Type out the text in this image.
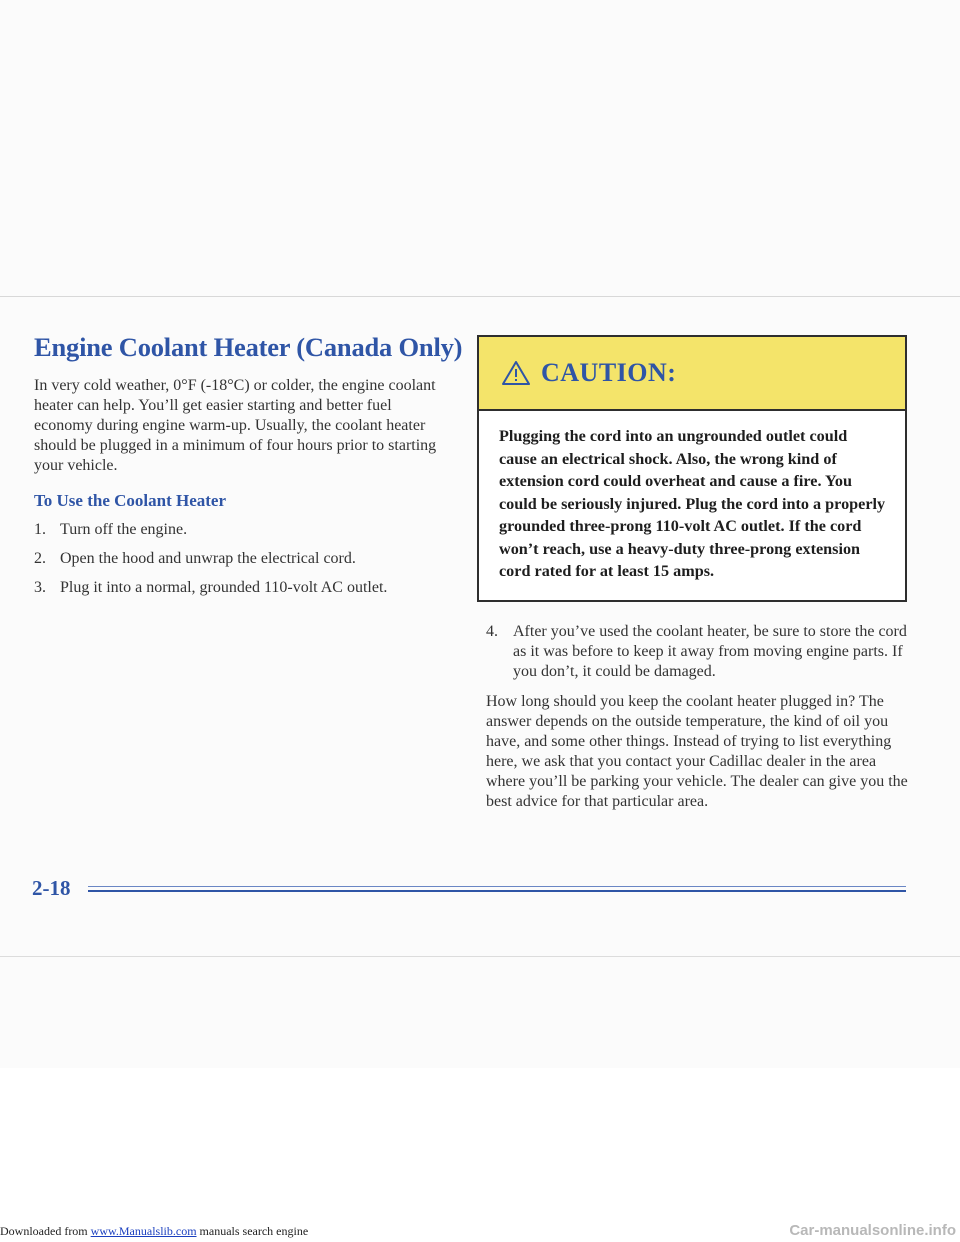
Engine Coolant Heater (Canada Only)

In very cold weather, 0°F (-18°C) or colder, the engine coolant heater can help. You’ll get easier starting and better fuel economy during engine warm-up. Usually, the coolant heater should be plugged in a minimum of four hours prior to starting your vehicle.

To Use the Coolant Heater
1. Turn off the engine.
2. Open the hood and unwrap the electrical cord.
3. Plug it into a normal, grounded 110-volt AC outlet.
CAUTION:
Plugging the cord into an ungrounded outlet could cause an electrical shock. Also, the wrong kind of extension cord could overheat and cause a fire. You could be seriously injured. Plug the cord into a properly grounded three-prong 110-volt AC outlet. If the cord won’t reach, use a heavy-duty three-prong extension cord rated for at least 15 amps.
4. After you’ve used the coolant heater, be sure to store the cord as it was before to keep it away from moving engine parts. If you don’t, it could be damaged.

How long should you keep the coolant heater plugged in? The answer depends on the outside temperature, the kind of oil you have, and some other things. Instead of trying to list everything here, we ask that you contact your Cadillac dealer in the area where you’ll be parking your vehicle. The dealer can give you the best advice for that particular area.

2-18
Downloaded from www.Manualslib.com manuals search engine	Car-manualsonline.info
